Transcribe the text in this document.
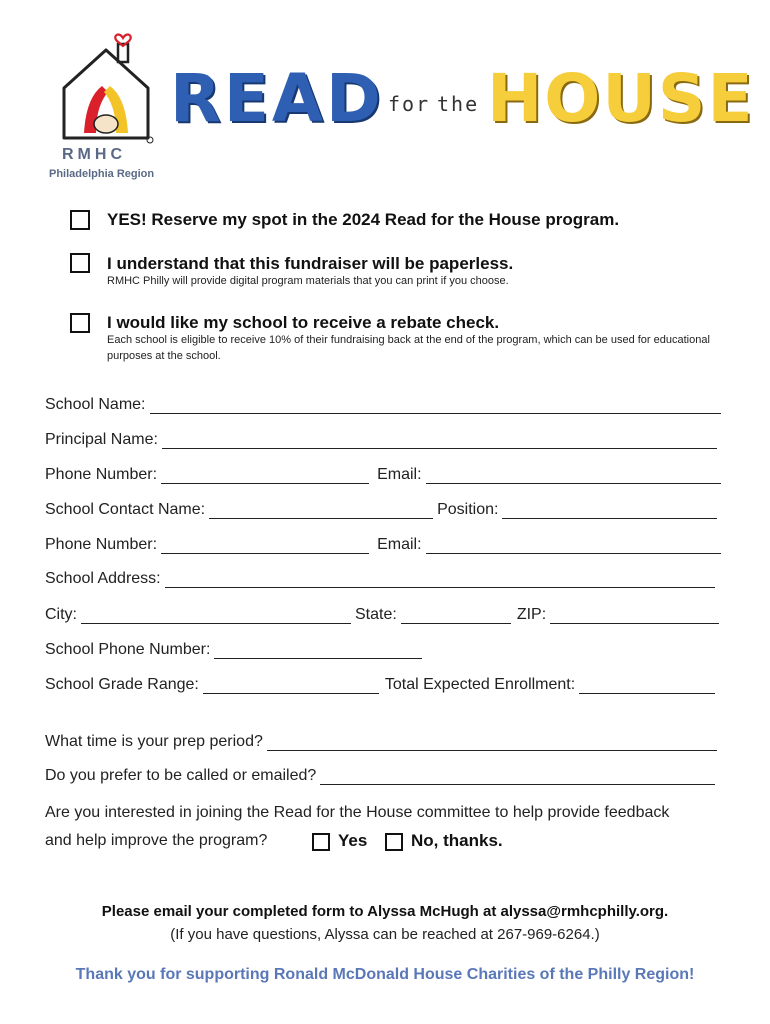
RMHC
Philadelphia Region
READ for the HOUSE
YES! Reserve my spot in the 2024 Read for the House program.
I understand that this fundraiser will be paperless.
RMHC Philly will provide digital program materials that you can print if you choose.
I would like my school to receive a rebate check.
Each school is eligible to receive 10% of their fundraising back at the end of the program, which can be used for educational purposes at the school.
School Name:
Principal Name:
Phone Number:	Email:
School Contact Name:	Position:
Phone Number:	Email:
School Address:
City:	State:	ZIP:
School Phone Number:
School Grade Range:	Total Expected Enrollment:
What time is your prep period?
Do you prefer to be called or emailed?
Are you interested in joining the Read for the House committee to help provide feedback
and help improve the program?	Yes	No, thanks.
Please email your completed form to Alyssa McHugh at alyssa@rmhcphilly.org.
(If you have questions, Alyssa can be reached at 267-969-6264.)
Thank you for supporting Ronald McDonald House Charities of the Philly Region!
